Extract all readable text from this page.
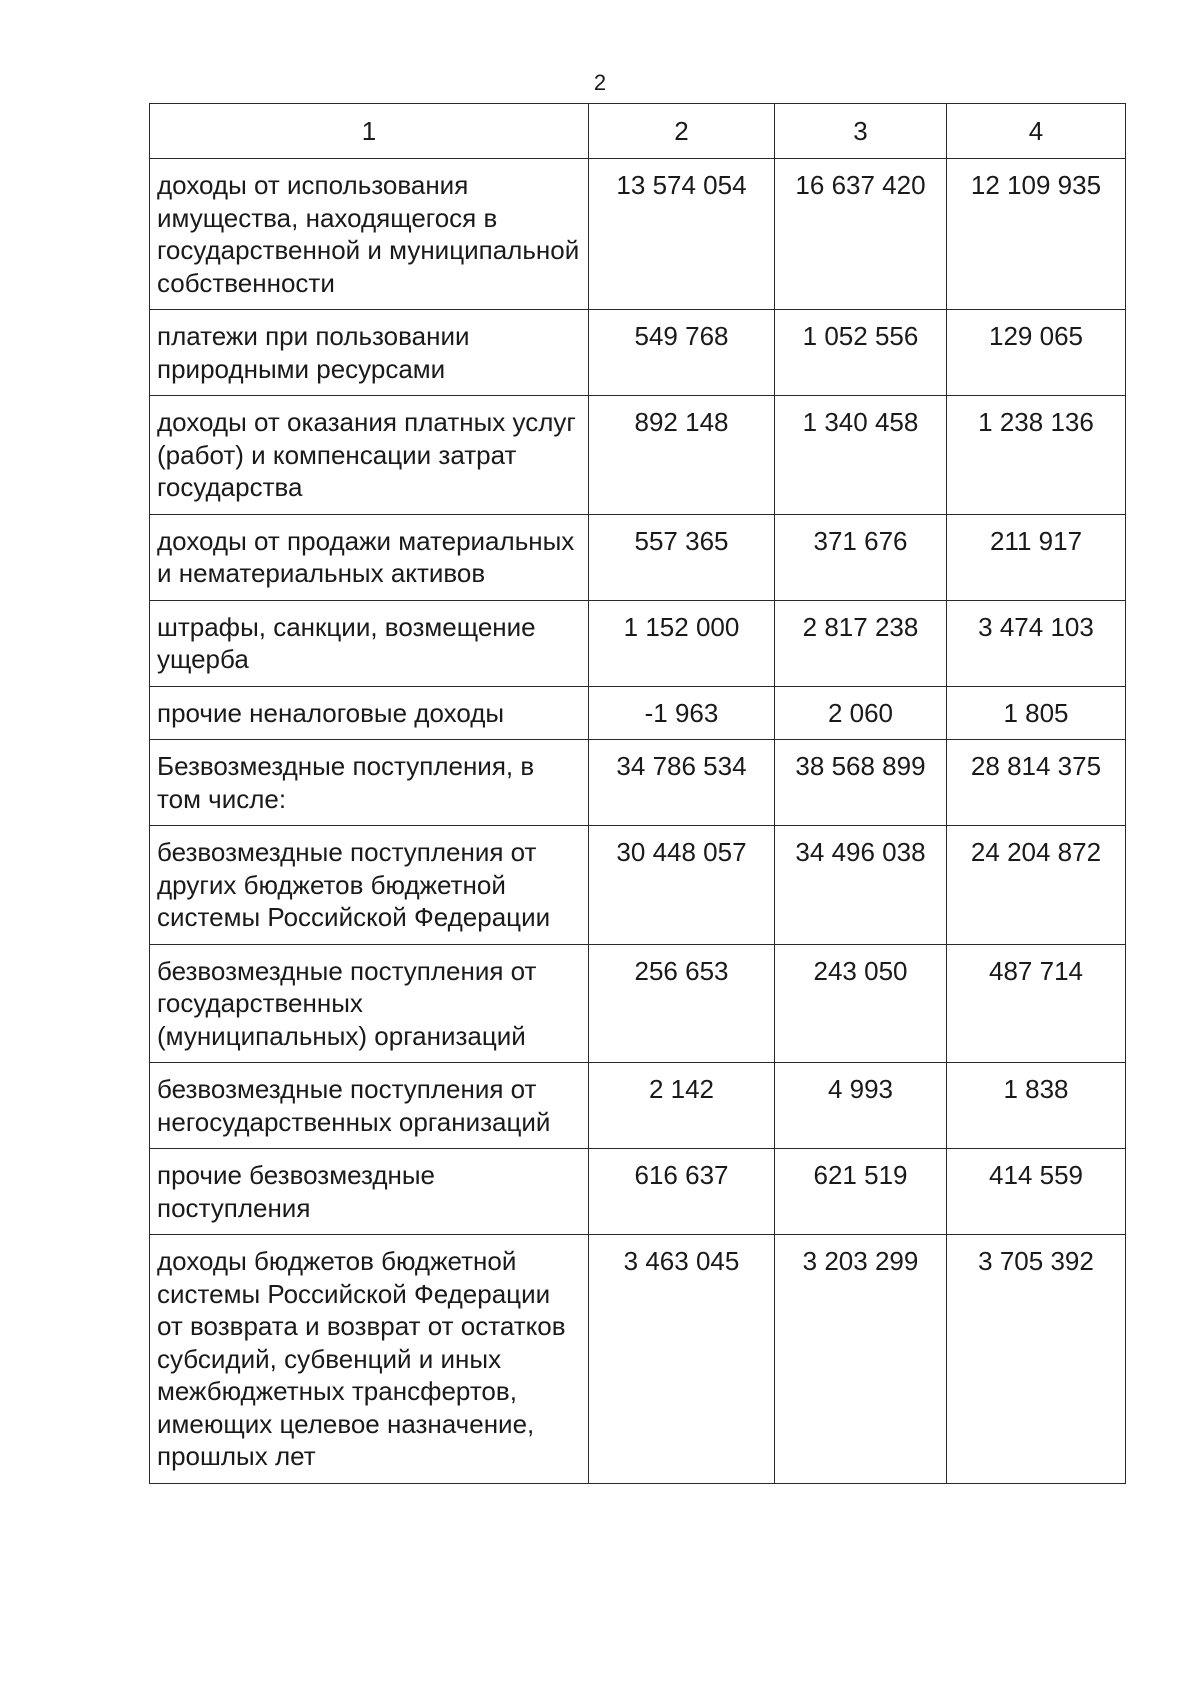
2
1	2	3	4
доходы от использования имущества, находящегося в государственной и муниципальной собственности	13 574 054	16 637 420	12 109 935
платежи при пользовании природными ресурсами	549 768	1 052 556	129 065
доходы от оказания платных услуг (работ) и компенсации затрат государства	892 148	1 340 458	1 238 136
доходы от продажи материальных и нематериальных активов	557 365	371 676	211 917
штрафы, санкции, возмещение ущерба	1 152 000	2 817 238	3 474 103
прочие неналоговые доходы	-1 963	2 060	1 805
Безвозмездные поступления, в том числе:	34 786 534	38 568 899	28 814 375
безвозмездные поступления от других бюджетов бюджетной системы Российской Федерации	30 448 057	34 496 038	24 204 872
безвозмездные поступления от государственных (муниципальных) организаций	256 653	243 050	487 714
безвозмездные поступления от негосударственных организаций	2 142	4 993	1 838
прочие безвозмездные поступления	616 637	621 519	414 559
доходы бюджетов бюджетной системы Российской Федерации от возврата и возврат от остатков субсидий, субвенций и иных межбюджетных трансфертов, имеющих целевое назначение, прошлых лет	3 463 045	3 203 299	3 705 392
